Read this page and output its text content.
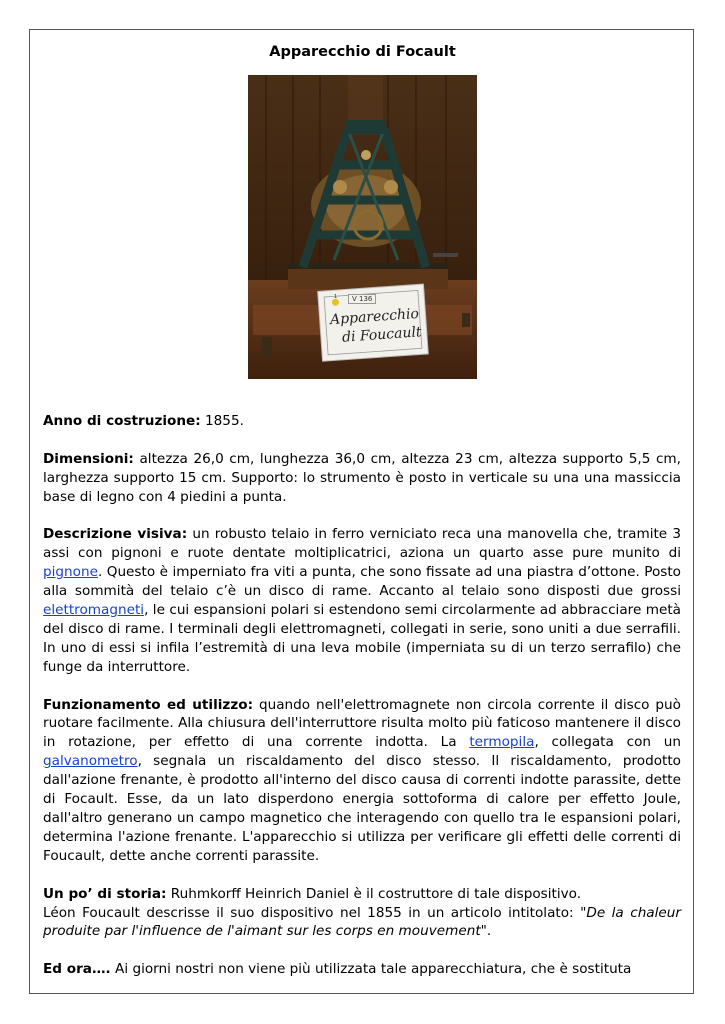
Apparecchio di Focault
1	V 136
Apparecchio
di Foucault

Anno di costruzione: 1855.

Dimensioni: altezza 26,0 cm, lunghezza 36,0 cm, altezza 23 cm, altezza supporto 5,5 cm, larghezza supporto 15 cm. Supporto: lo strumento è posto in verticale su una una massiccia base di legno con 4 piedini a punta.

Descrizione visiva: un robusto telaio in ferro verniciato reca una manovella che, tramite 3 assi con pignoni e ruote dentate moltiplicatrici, aziona un quarto asse pure munito di pignone. Questo è imperniato fra viti a punta, che sono fissate ad una piastra d’ottone. Posto alla sommità del telaio c’è un disco di rame. Accanto al telaio sono disposti due grossi elettromagneti, le cui espansioni polari si estendono semi circolarmente ad abbracciare metà del disco di rame. I terminali degli elettromagneti, collegati in serie, sono uniti a due serrafili. In uno di essi si infila l’estremità di una leva mobile (imperniata su di un terzo serrafilo) che funge da interruttore.

Funzionamento ed utilizzo: quando nell'elettromagnete non circola corrente il disco può ruotare facilmente. Alla chiusura dell'interruttore risulta molto più faticoso mantenere il disco in rotazione, per effetto di una corrente indotta. La termopila, collegata con un galvanometro, segnala un riscaldamento del disco stesso. Il riscaldamento, prodotto dall'azione frenante, è prodotto all'interno del disco causa di correnti indotte parassite, dette di Focault. Esse, da un lato disperdono energia sottoforma di calore per effetto Joule, dall'altro generano un campo magnetico che interagendo con quello tra le espansioni polari, determina l'azione frenante. L'apparecchio si utilizza per verificare gli effetti delle correnti di Foucault, dette anche correnti parassite.

Un po’ di storia: Ruhmkorff Heinrich Daniel è il costruttore di tale dispositivo.
Léon Foucault descrisse il suo dispositivo nel 1855 in un articolo intitolato: "De la chaleur produite par l'influence de l'aimant sur les corps en mouvement".

Ed ora…. Ai giorni nostri non viene più utilizzata tale apparecchiatura, che è sostituta
